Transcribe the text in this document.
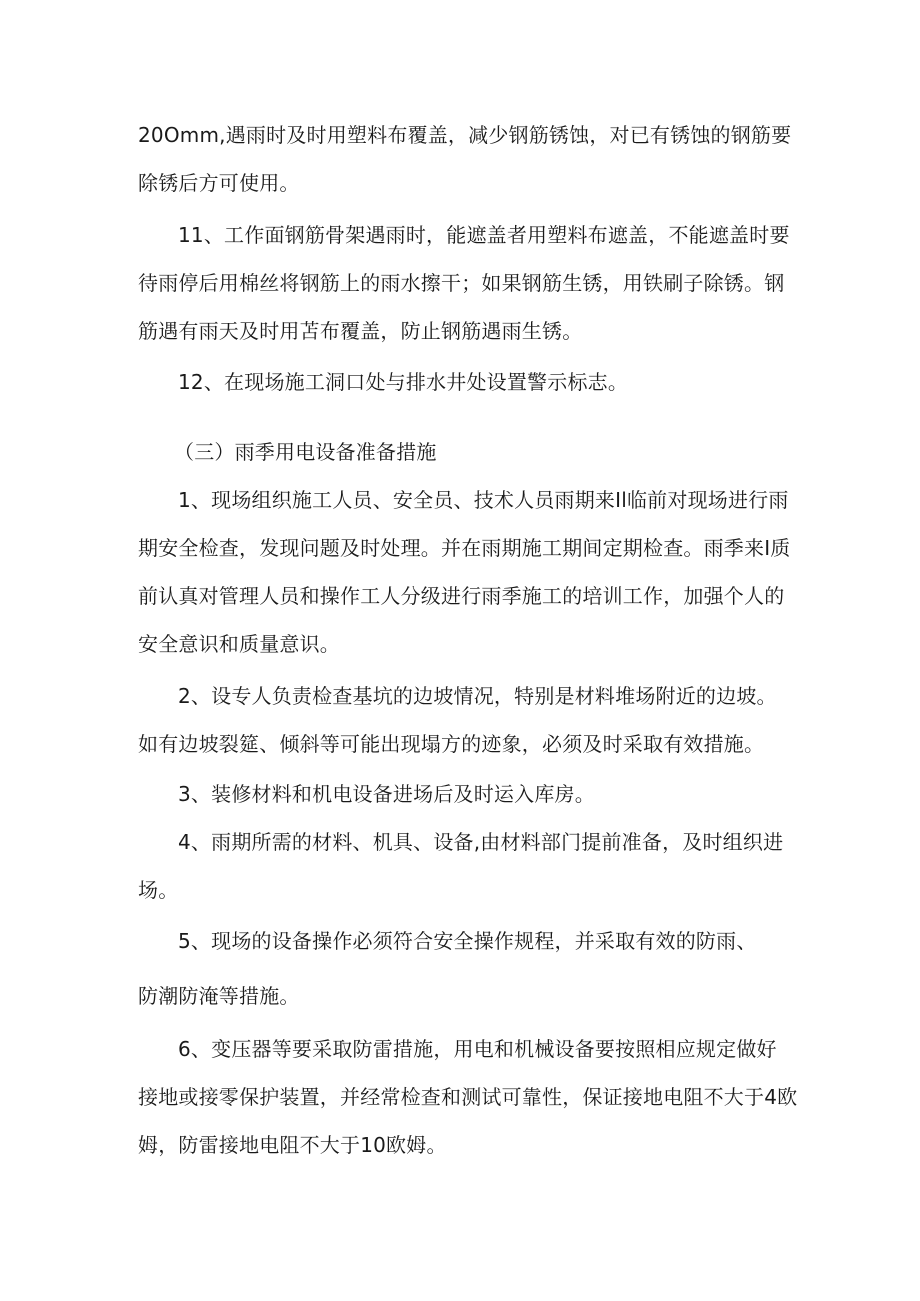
20Omm,遇雨时及时用塑料布覆盖，减少钢筋锈蚀，对已有锈蚀的钢筋要

除锈后方可使用。

11、工作面钢筋骨架遇雨时，能遮盖者用塑料布遮盖，不能遮盖时要

待雨停后用棉丝将钢筋上的雨水擦干；如果钢筋生锈，用铁刷子除锈。钢

筋遇有雨天及时用苫布覆盖，防止钢筋遇雨生锈。

12、在现场施工洞口处与排水井处设置警示标志。

（三）雨季用电设备准备措施

1、现场组织施工人员、安全员、技术人员雨期来Il临前对现场进行雨

期安全检查，发现问题及时处理。并在雨期施工期间定期检查。雨季来I质

前认真对管理人员和操作工人分级进行雨季施工的培训工作，加强个人的

安全意识和质量意识。

2、设专人负责检查基坑的边坡情况，特别是材料堆场附近的边坡。

如有边坡裂筵、倾斜等可能出现塌方的迹象，必须及时采取有效措施。

3、装修材料和机电设备进场后及时运入库房。

4、雨期所需的材料、机具、设备,由材料部门提前准备，及时组织进

场。

5、现场的设备操作必须符合安全操作规程，并采取有效的防雨、

防潮防淹等措施。

6、变压器等要采取防雷措施，用电和机械设备要按照相应规定做好

接地或接零保护装置，并经常检查和测试可靠性，保证接地电阻不大于4欧

姆，防雷接地电阻不大于10欧姆。
